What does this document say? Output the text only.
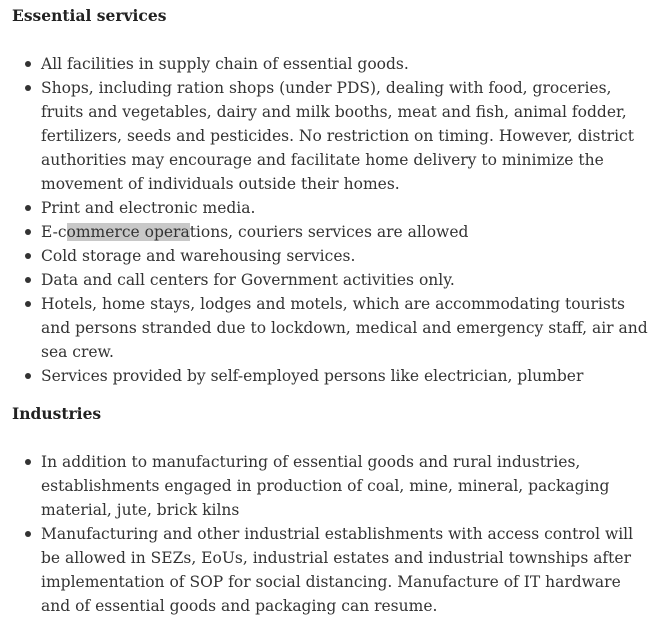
Essential services
All facilities in supply chain of essential goods.
Shops, including ration shops (under PDS), dealing with food, groceries, fruits and vegetables, dairy and milk booths, meat and fish, animal fodder, fertilizers, seeds and pesticides. No restriction on timing. However, district authorities may encourage and facilitate home delivery to minimize the movement of individuals outside their homes.
Print and electronic media.
E-commerce operations, couriers services are allowed
Cold storage and warehousing services.
Data and call centers for Government activities only.
Hotels, home stays, lodges and motels, which are accommodating tourists and persons stranded due to lockdown, medical and emergency staff, air and sea crew.
Services provided by self-employed persons like electrician, plumber
Industries
In addition to manufacturing of essential goods and rural industries, establishments engaged in production of coal, mine, mineral, packaging material, jute, brick kilns
Manufacturing and other industrial establishments with access control will be allowed in SEZs, EoUs, industrial estates and industrial townships after implementation of SOP for social distancing. Manufacture of IT hardware and of essential goods and packaging can resume.
